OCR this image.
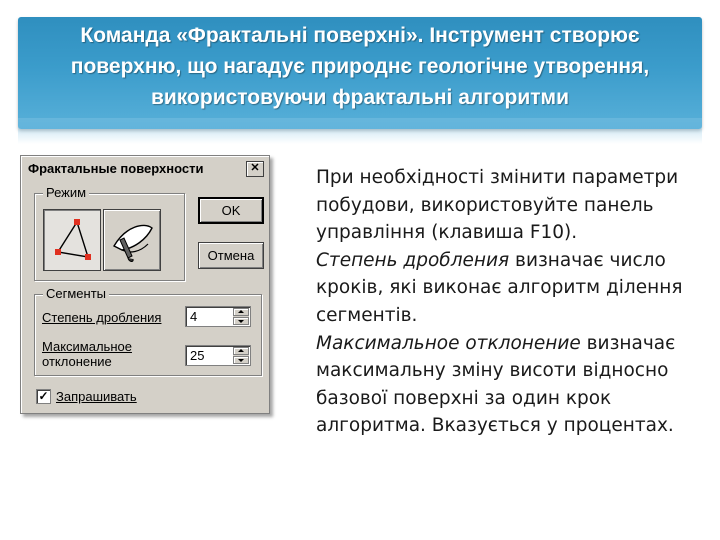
Команда «Фрактальні поверхні». Інструмент створює
поверхню, що нагадує природнє геологічне утворення,
використовуючи фрактальні алгоритми
Фрактальные поверхности	✕
Режим
OK
Отмена
Сегменты
Степень дробления 4
Максимальное
отклонение	25
✓ Запрашивать

При необхідності змінити параметри побудови, використовуйте панель управління (клавиша F10).

Степень дробления визначає число кроків, які виконає алгоритм ділення сегментів.

Максимальное отклонение визначає максимальну зміну висоти відносно базової поверхні за один крок алгоритма. Вказується у процентах.
